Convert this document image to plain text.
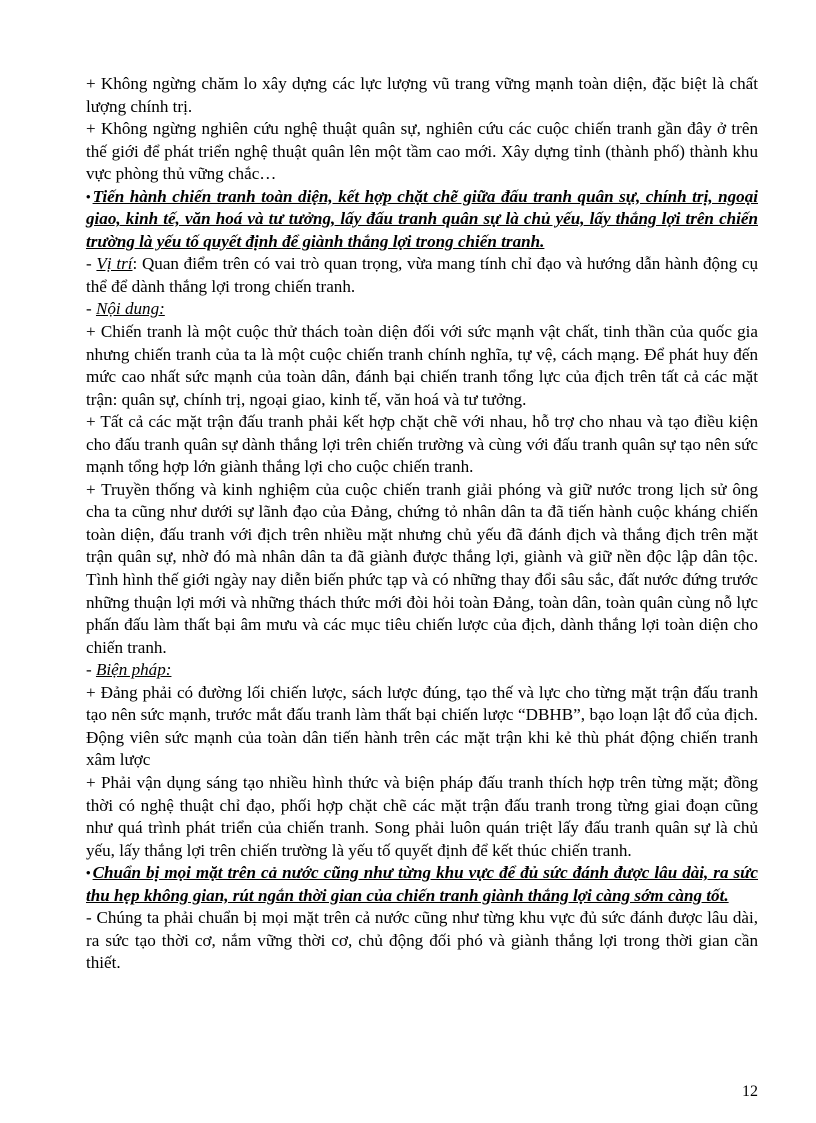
+ Không ngừng chăm lo xây dựng các lực lượng vũ trang vững mạnh toàn diện, đặc biệt là chất lượng chính trị.

+ Không ngừng nghiên cứu nghệ thuật quân sự, nghiên cứu các cuộc chiến tranh gần đây ở trên thế giới để phát triển nghệ thuật quân lên một tầm cao mới. Xây dựng tỉnh (thành phố) thành khu vực phòng thủ vững chắc…

• Tiến hành chiến tranh toàn diện, kết hợp chặt chẽ giữa đấu tranh quân sự, chính trị, ngoại giao, kinh tế, văn hoá và tư tưởng, lấy đấu tranh quân sự là chủ yếu, lấy thắng lợi trên chiến trường là yếu tố quyết định để giành thắng lợi trong chiến tranh.

- Vị trí: Quan điểm trên có vai trò quan trọng, vừa mang tính chỉ đạo và hướng dẫn hành động cụ thể để dành thắng lợi trong chiến tranh.

- Nội dung:

+ Chiến tranh là một cuộc thử thách toàn diện đối với sức mạnh vật chất, tinh thần của quốc gia nhưng chiến tranh của ta là một cuộc chiến tranh chính nghĩa, tự vệ, cách mạng. Để phát huy đến mức cao nhất sức mạnh của toàn dân, đánh bại chiến tranh tổng lực của địch trên tất cả các mặt trận: quân sự, chính trị, ngoại giao, kinh tế, văn hoá và tư tưởng.

+ Tất cả các mặt trận đấu tranh phải kết hợp chặt chẽ với nhau, hỗ trợ cho nhau và tạo điều kiện cho đấu tranh quân sự dành thắng lợi trên chiến trường và cùng với đấu tranh quân sự tạo nên sức mạnh tổng hợp lớn giành thắng lợi cho cuộc chiến tranh.

+ Truyền thống và kinh nghiệm của cuộc chiến tranh giải phóng và giữ nước trong lịch sử ông cha ta cũng như dưới sự lãnh đạo của Đảng, chứng tỏ nhân dân ta đã tiến hành cuộc kháng chiến toàn diện, đấu tranh với địch trên nhiều mặt nhưng chủ yếu đã đánh địch và thắng địch trên mặt trận quân sự, nhờ đó mà nhân dân ta đã giành được thắng lợi, giành và giữ nền độc lập dân tộc. Tình hình thế giới ngày nay diễn biến phức tạp và có những thay đổi sâu sắc, đất nước đứng trước những thuận lợi mới và những thách thức mới đòi hỏi toàn Đảng, toàn dân, toàn quân cùng nỗ lực phấn đấu làm thất bại âm mưu và các mục tiêu chiến lược của địch, dành thắng lợi toàn diện cho chiến tranh.

- Biện pháp:

+ Đảng phải có đường lối chiến lược, sách lược đúng, tạo thế và lực cho từng mặt trận đấu tranh tạo nên sức mạnh, trước mắt đấu tranh làm thất bại chiến lược “DBHB”, bạo loạn lật đổ của địch. Động viên sức mạnh của toàn dân tiến hành trên các mặt trận khi kẻ thù phát động chiến tranh xâm lược

+ Phải vận dụng sáng tạo nhiều hình thức và biện pháp đấu tranh thích hợp trên từng mặt; đồng thời có nghệ thuật chỉ đạo, phối hợp chặt chẽ các mặt trận đấu tranh trong từng giai đoạn cũng như quá trình phát triển của chiến tranh. Song phải luôn quán triệt lấy đấu tranh quân sự là chủ yếu, lấy thắng lợi trên chiến trường là yếu tố quyết định để kết thúc chiến tranh.

• Chuẩn bị mọi mặt trên cả nước cũng như từng khu vực để đủ sức đánh được lâu dài, ra sức thu hẹp không gian, rút ngắn thời gian của chiến tranh giành thắng lợi càng sớm càng tốt.

- Chúng ta phải chuẩn bị mọi mặt trên cả nước cũng như từng khu vực đủ sức đánh được lâu dài, ra sức tạo thời cơ, nắm vững thời cơ, chủ động đối phó và giành thắng lợi trong thời gian cần thiết.

12
